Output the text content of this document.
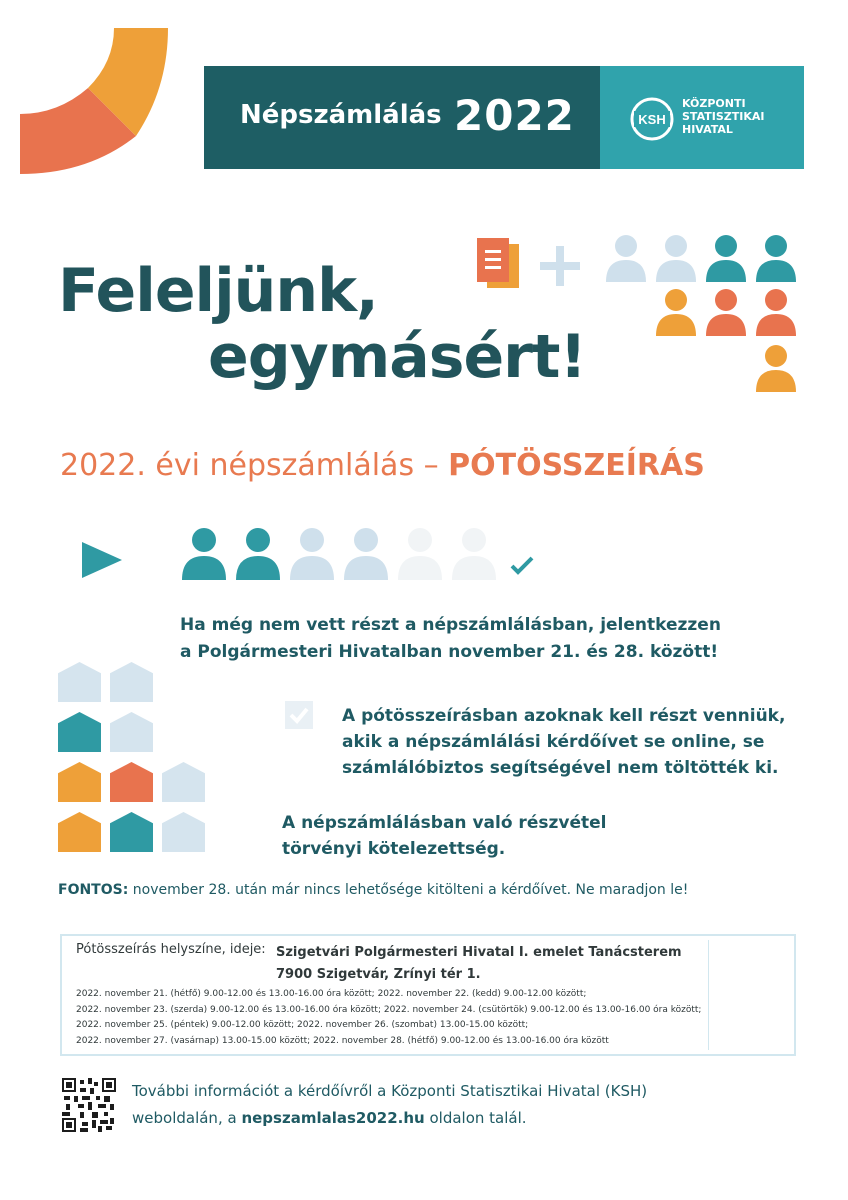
Népszámlálás 2022	KSH
KÖZPONTI
STATISZTIKAI
HIVATAL
Feleljünk,
egymásért!
2022. évi népszámlálás – PÓTÖSSZEÍRÁS
Ha még nem vett részt a népszámlálásban, jelentkezzen
a Polgármesteri Hivatalban november 21. és 28. között!
A pótösszeírásban azoknak kell részt venniük,
akik a népszámlálási kérdőívet se online, se
számlálóbiztos segítségével nem töltötték ki.
A népszámlálásban való részvétel
törvényi kötelezettség.
FONTOS: november 28. után már nincs lehetősége kitölteni a kérdőívet. Ne maradjon le!
Pótösszeírás helyszíne, ideje: Szigetvári Polgármesteri Hivatal I. emelet Tanácsterem
7900 Szigetvár, Zrínyi tér 1.
2022. november 21. (hétfő) 9.00-12.00 és 13.00-16.00 óra között; 2022. november 22. (kedd) 9.00-12.00 között;
2022. november 23. (szerda) 9.00-12.00 és 13.00-16.00 óra között; 2022. november 24. (csütörtök) 9.00-12.00 és 13.00-16.00 óra között;
2022. november 25. (péntek) 9.00-12.00 között; 2022. november 26. (szombat) 13.00-15.00 között;
2022. november 27. (vasárnap) 13.00-15.00 között; 2022. november 28. (hétfő) 9.00-12.00 és 13.00-16.00 óra között
További információt a kérdőívről a Központi Statisztikai Hivatal (KSH)
weboldalán, a nepszamlalas2022.hu oldalon talál.
